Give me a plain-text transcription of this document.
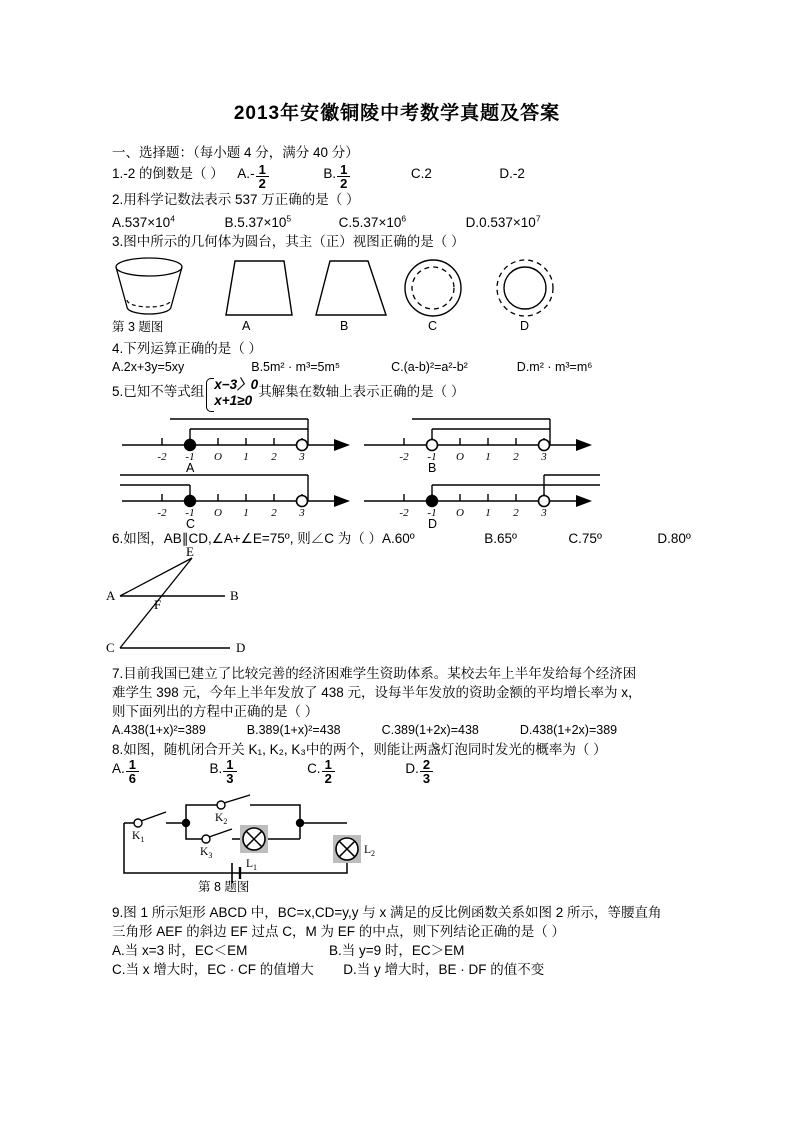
2013年安徽铜陵中考数学真题及答案
一、选择题：（每小题 4 分，满分 40 分）
1.-2 的倒数是（ ） $A.- \frac{1}{2}$	B. $\frac{1}{2}$	C.2	D.-2
2.用科学记数法表示 537 万正确的是（ ）
$A.537\times 10^4$	$B.5.37\times 10^5$	$C.5.37\times 10^6$	$D.0.537\times 10^7$
3.图中所示的几何体为圆台，其主（正）视图正确的是（ ）
第 3 题图	A	B	C	D
4.下列运算正确的是（ ）
A.2x+3y=5xy	B.5m² · m³=5m⁵	C.(a-b)²=a²-b²	D.m² · m³=m⁶
5.已知不等式组 x−3〉0
x+1≥0
其解集在数轴上表示正确的是（ ）
-2 -1 O 1 2 3
A
-2 -1 O 1 2 3
B
-2 -1 O 1 2 3
C
-2 -1 O 1 2 3
D
6.如图，AB∥CD,∠A+∠E=75º, 则∠C 为（ ）A.60º	B.65º	C.75º	D.80º
E
A	B
F
C	D
7.目前我国已建立了比较完善的经济困难学生资助体系。某校去年上半年发给每个经济困
难学生 398 元，今年上半年发放了 438 元，设每半年发放的资助金额的平均增长率为 x，
则下面列出的方程中正确的是（ ）
A.438(1+x)²=389	B.389(1+x)²=438	C.389(1+2x)=438	D.438(1+2x)=389
8.如图，随机闭合开关 K₁, K₂, K₃中的两个，则能让两盏灯泡同时发光的概率为（ ）
A. $\frac{1}{6}$	B. $\frac{1}{3}$	C. $\frac{1}{2}$	D. $\frac{2}{3}$
$K_1$
$K_2$
$K_3$
$L_1$
$L_2$
第 8 题图
9.图 1 所示矩形 ABCD 中，BC=x,CD=y,y 与 x 满足的反比例函数关系如图 2 所示，等腰直角
三角形 AEF 的斜边 EF 过点 C，M 为 EF 的中点，则下列结论正确的是（ ）
A.当 x=3 时，EC＜EM	B.当 y=9 时，EC＞EM
C.当 x 增大时，EC · CF 的值增大 D.当 y 增大时，BE · DF 的值不变
